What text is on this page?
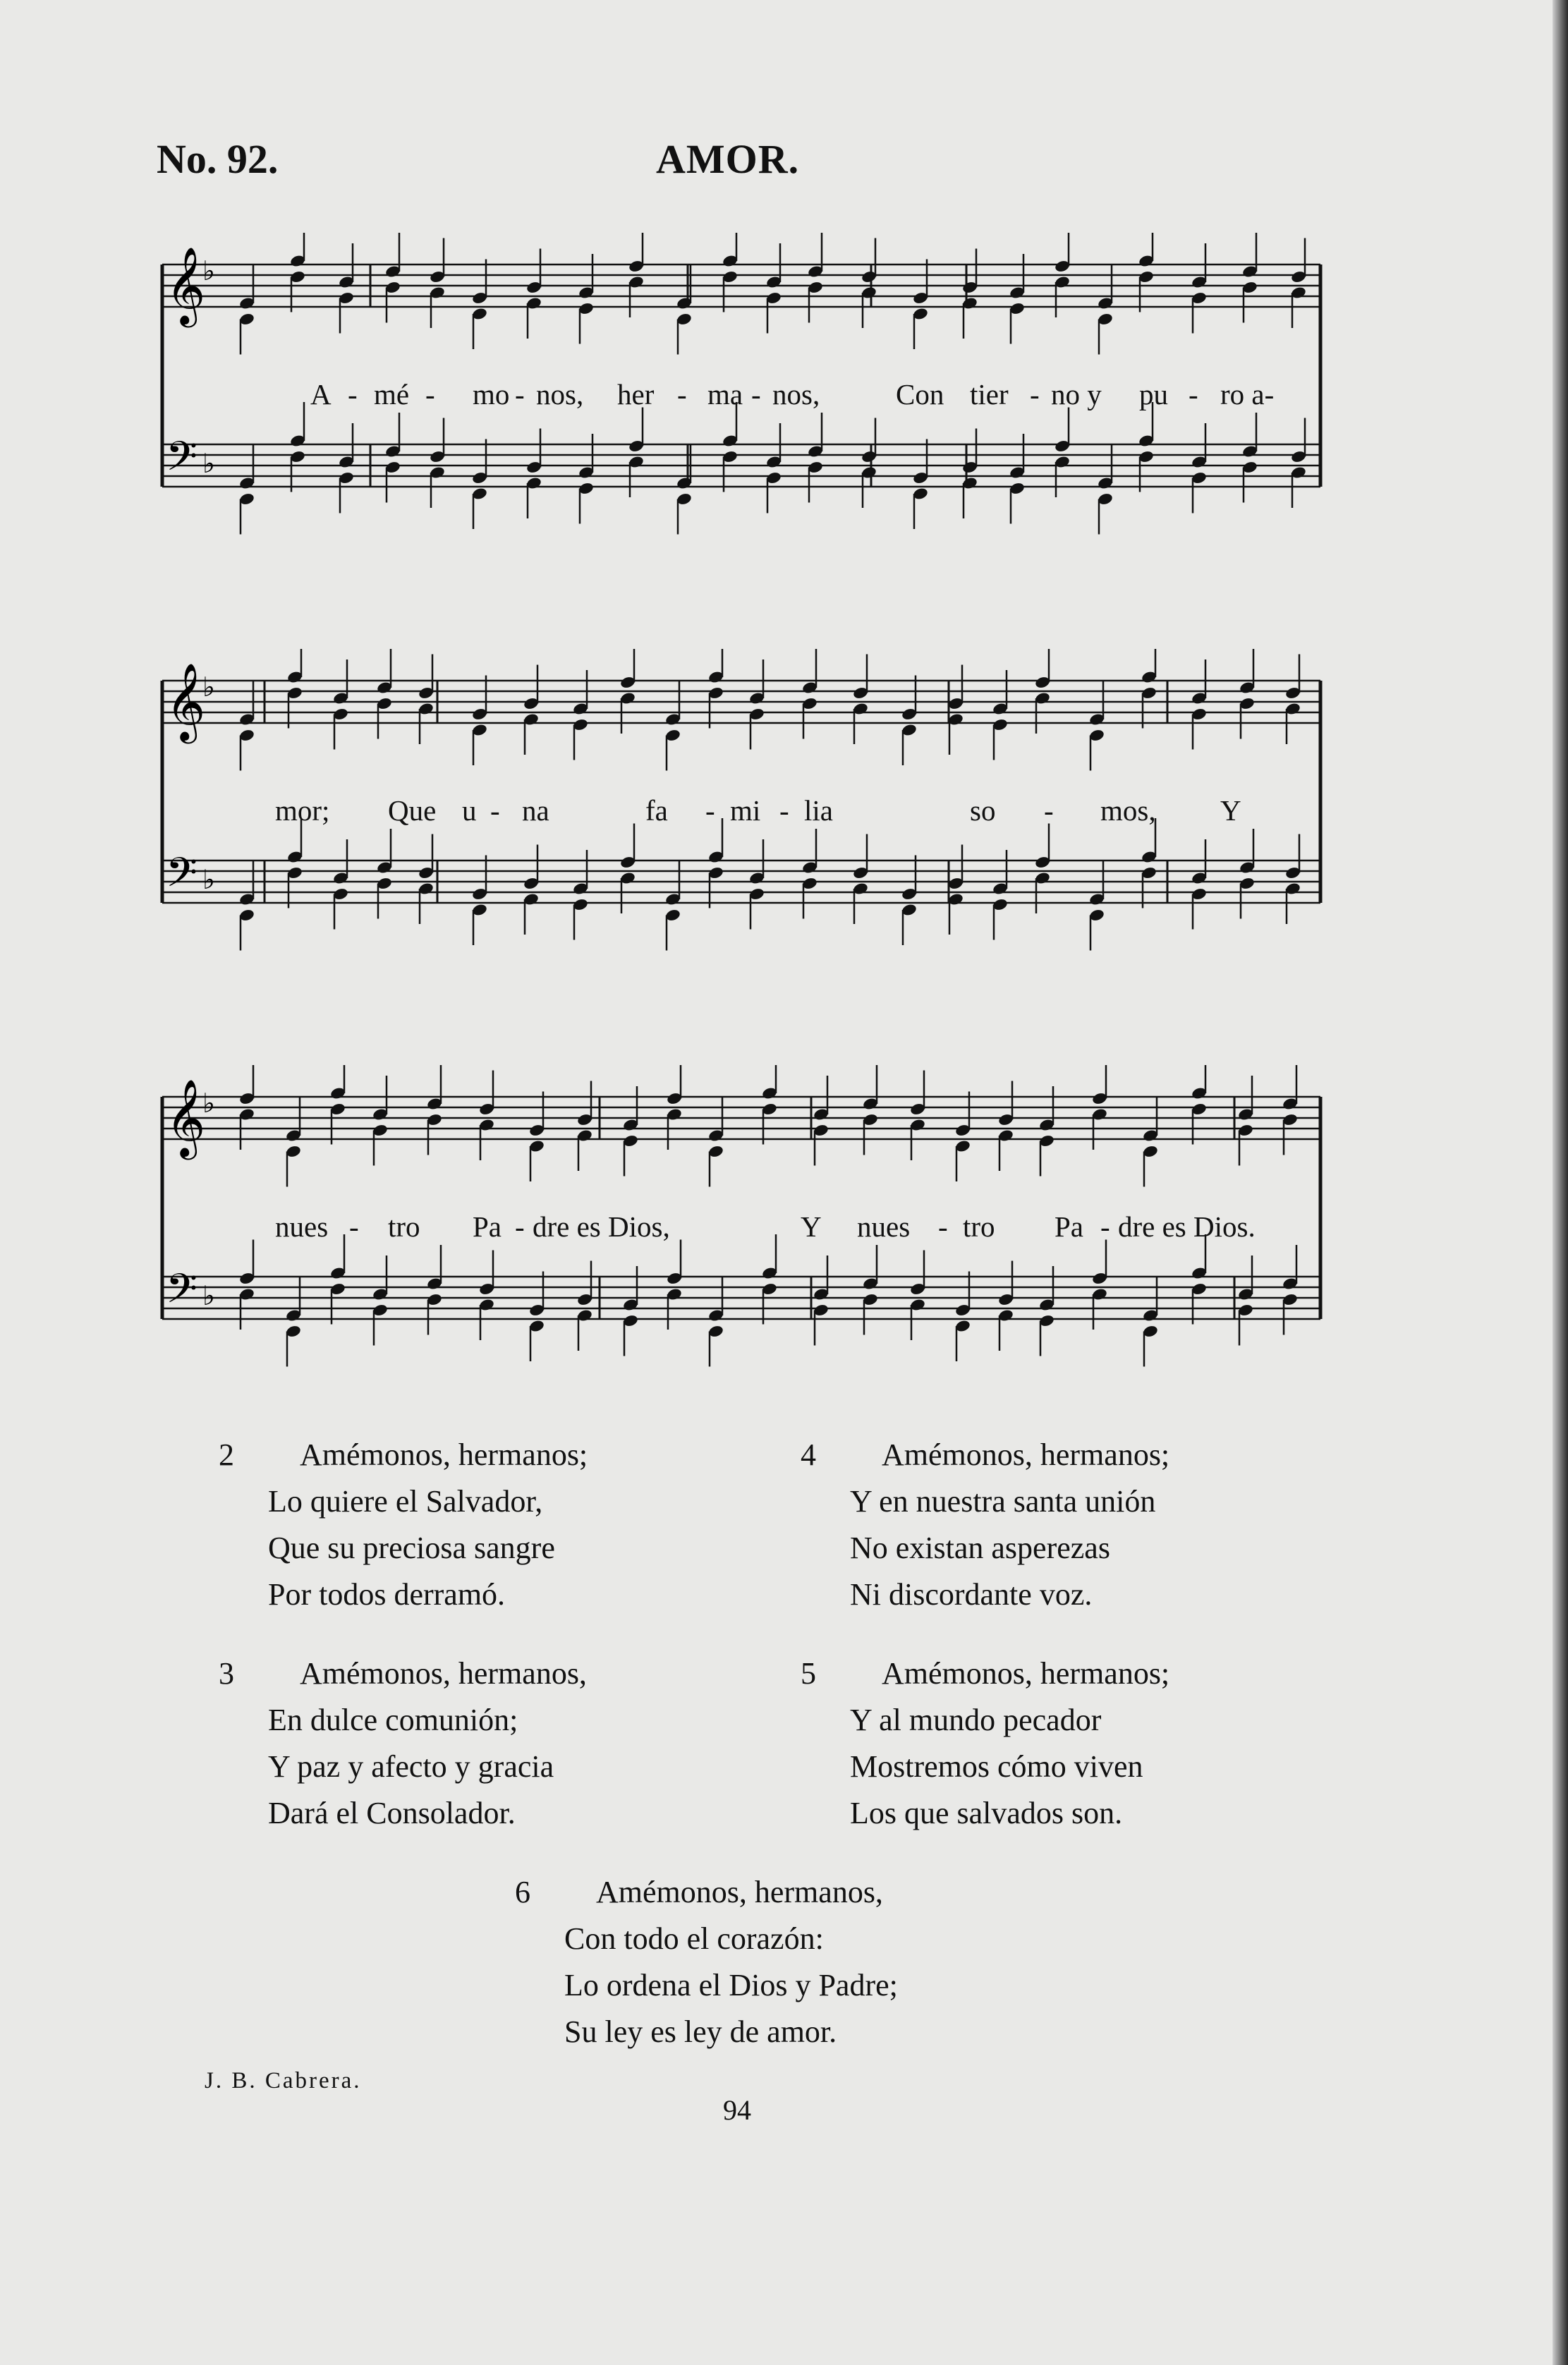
No. 92.	AMOR.
𝄞
♭
𝄢 ♭
A - mé - mo - nos, her - ma - nos,	Con tier - no y pu - ro a-
𝄞
♭
𝄢 ♭
mor; Que u - na	fa - mi - lia	so - mos, Y
𝄞
♭
𝄢 ♭
nues - tro Pa - dre es Dios,	Y nues - tro Pa - dre es Dios.
2	Amémonos, hermanos;
Lo quiere el Salvador,
Que su preciosa sangre
Por todos derramó.
3	Amémonos, hermanos,
En dulce comunión;
Y paz y afecto y gracia
Dará el Consolador.
4	Amémonos, hermanos;
Y en nuestra santa unión
No existan asperezas
Ni discordante voz.
5	Amémonos, hermanos;
Y al mundo pecador
Mostremos cómo viven
Los que salvados son.
6	Amémonos, hermanos,
Con todo el corazón:
Lo ordena el Dios y Padre;
Su ley es ley de amor.
J. B. Cabrera.
94
